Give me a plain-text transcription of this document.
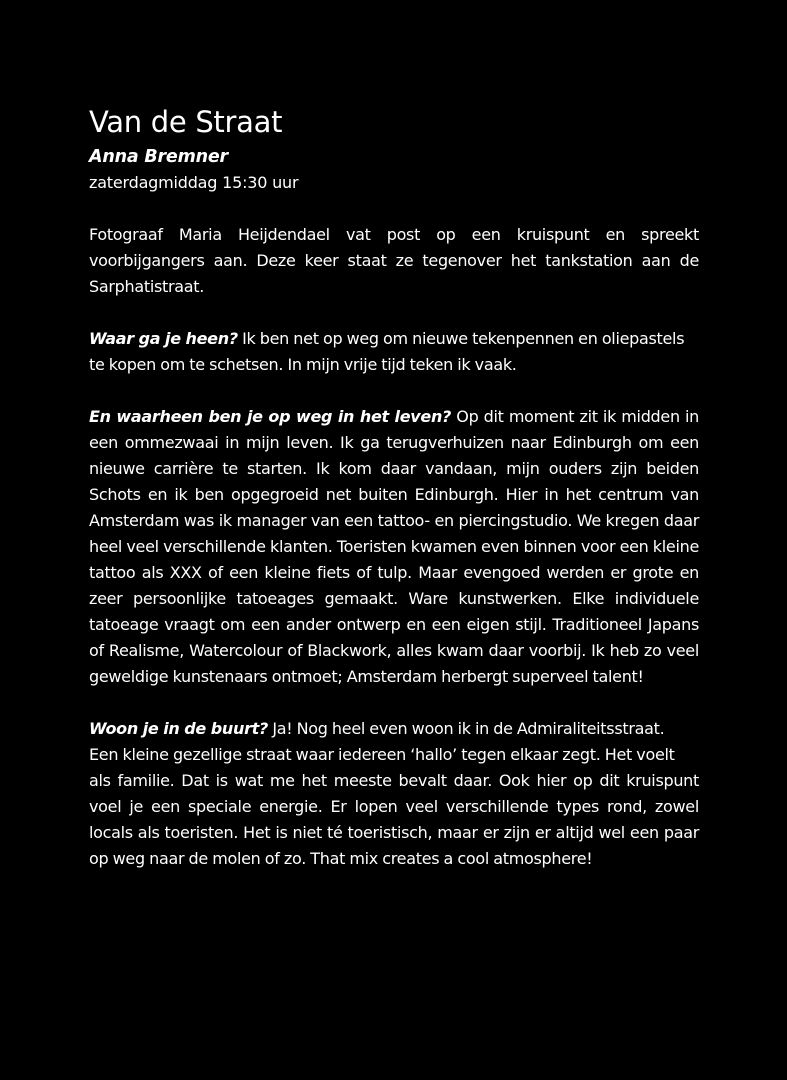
Van de Straat
Anna Bremner
zaterdagmiddag 15:30 uur

Fotograaf Maria Heijdendael vat post op een kruispunt en spreekt voorbijgangers aan. Deze keer staat ze tegenover het tankstation aan de Sarphatistraat.

Waar ga je heen? Ik ben net op weg om nieuwe tekenpennen en oliepastels
te kopen om te schetsen. In mijn vrije tijd teken ik vaak.

En waarheen ben je op weg in het leven? Op dit moment zit ik midden in een ommezwaai in mijn leven. Ik ga terugverhuizen naar Edinburgh om een nieuwe carrière te starten. Ik kom daar vandaan, mijn ouders zijn beiden Schots en ik ben opgegroeid net buiten Edinburgh. Hier in het centrum van Amsterdam was ik manager van een tattoo- en piercingstudio. We kregen daar heel veel verschillende klanten. Toeristen kwamen even binnen voor een kleine tattoo als XXX of een kleine fiets of tulp. Maar evengoed werden er grote en zeer persoonlijke tatoeages gemaakt. Ware kunstwerken. Elke individuele tatoeage vraagt om een ander ontwerp en een eigen stijl. Traditioneel Japans of Realisme, Watercolour of Blackwork, alles kwam daar voorbij. Ik heb zo veel geweldige kunstenaars ontmoet; Amsterdam herbergt superveel talent!

Woon je in de buurt? Ja! Nog heel even woon ik in de Admiraliteitsstraat.
Een kleine gezellige straat waar iedereen ‘hallo’ tegen elkaar zegt. Het voelt
als familie. Dat is wat me het meeste bevalt daar. Ook hier op dit kruispunt voel je een speciale energie. Er lopen veel verschillende types rond, zowel locals als toeristen. Het is niet té toeristisch, maar er zijn er altijd wel een paar op weg naar de molen of zo. That mix creates a cool atmosphere!
